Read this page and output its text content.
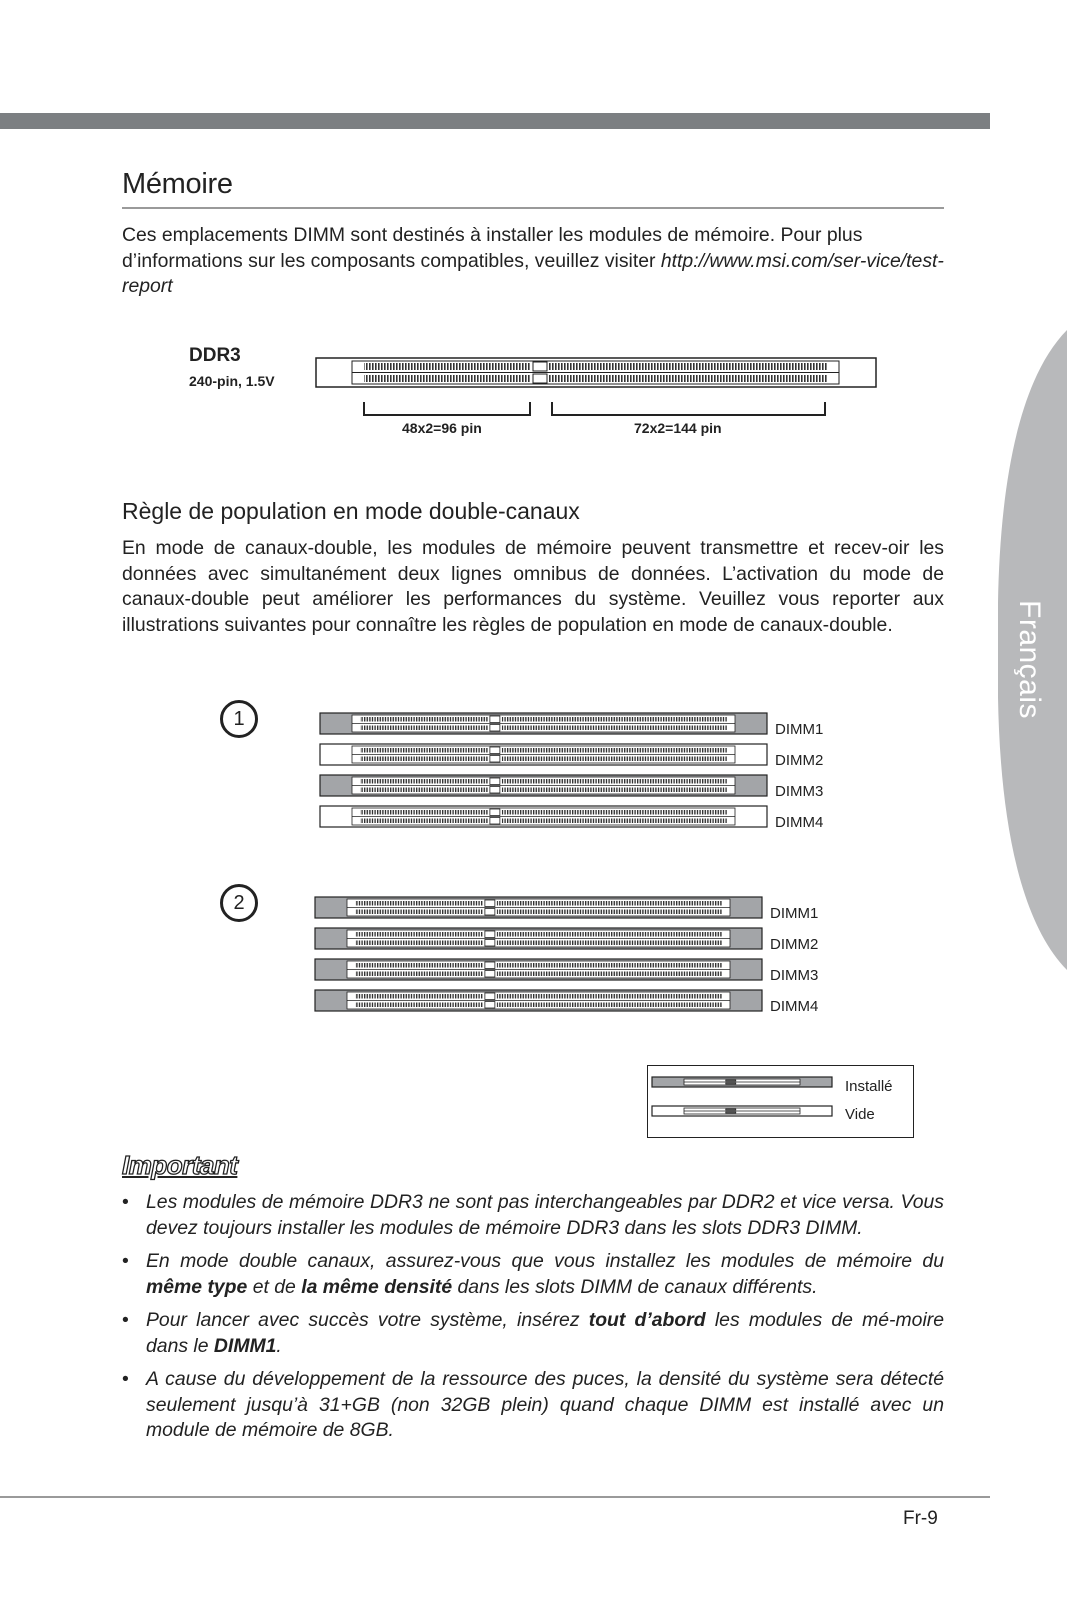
Français
Mémoire

Ces emplacements DIMM sont destinés à installer les modules de mémoire. Pour plus d’informations sur les composants compatibles, veuillez visiter http://www.msi.com/ser-vice/test-report

DDR3
240-pin, 1.5V
48x2=96 pin	72x2=144 pin
Règle de population en mode double-canaux

En mode de canaux-double, les modules de mémoire peuvent transmettre et recev-oir les données avec simultanément deux lignes omnibus de données. L’activation du mode de canaux-double peut améliorer les performances du système. Veuillez vous reporter aux illustrations suivantes pour connaître les règles de population en mode de canaux-double.

1
2
DIMM1
DIMM2
DIMM3
DIMM4
DIMM1
DIMM2
DIMM3
DIMM4
Installé
Vide
Important
• Les modules de mémoire DDR3 ne sont pas interchangeables par DDR2 et vice versa. Vous devez toujours installer les modules de mémoire DDR3 dans les slots DDR3 DIMM.
• En mode double canaux, assurez-vous que vous installez les modules de mémoire du même type et de la même densité dans les slots DIMM de canaux différents.
• Pour lancer avec succès votre système, insérez tout d’abord les modules de mé-moire dans le DIMM1.
• A cause du développement de la ressource des puces, la densité du système sera détecté seulement jusqu’à 31+GB (non 32GB plein) quand chaque DIMM est installé avec un module de mémoire de 8GB.
Fr-9
